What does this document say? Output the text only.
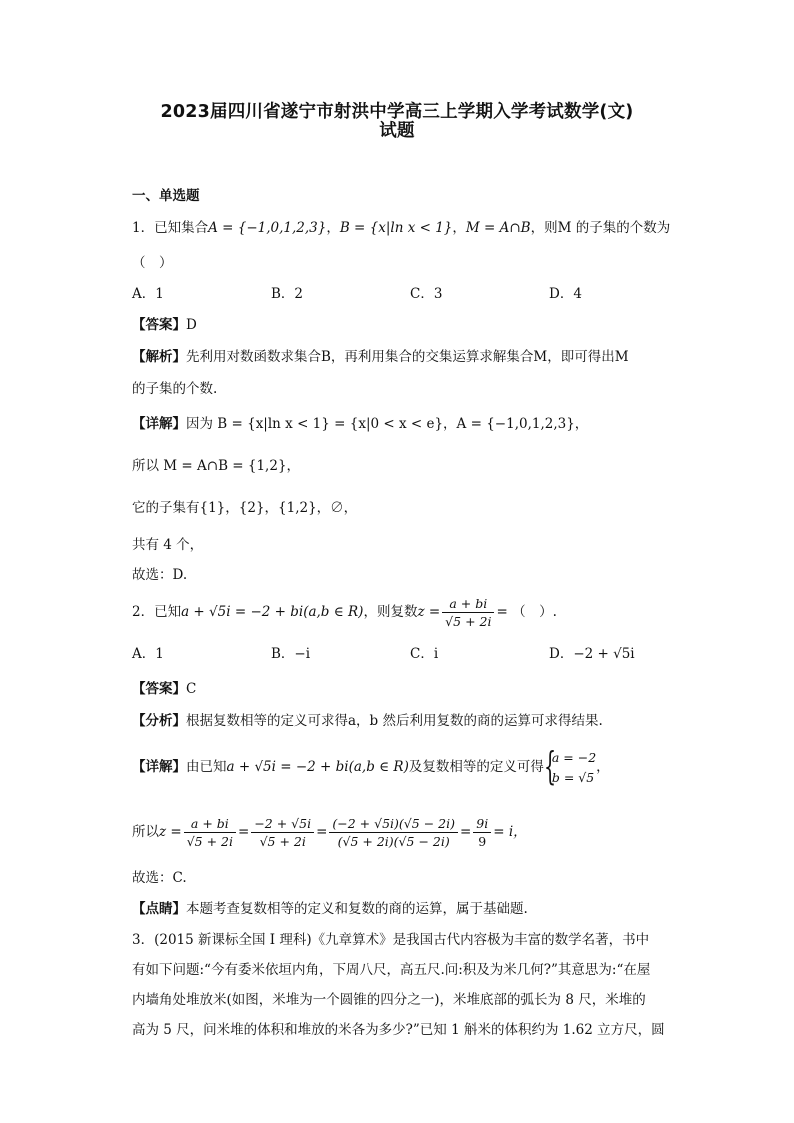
2023届四川省遂宁市射洪中学高三上学期入学考试数学(文)
试题
一、单选题
1．已知集合A = {−1,0,1,2,3}，B = {x|ln x < 1}，M = A∩B，则M 的子集的个数为
（　）
A．1	B．2	C．3	D．4
【答案】D
【解析】先利用对数函数求集合B，再利用集合的交集运算求解集合M，即可得出M
的子集的个数.
【详解】因为 B = {x|ln x < 1} = {x|0 < x < e}，A = {−1,0,1,2,3}，
所以 M = A∩B = {1,2}，
它的子集有{1}，{2}，{1,2}，∅，
共有 4 个，
故选：D.
2．已知a + √5i = −2 + bi(a,b ∈ R)，则复数$z = \frac{a + bi}{√5 + 2i}$ = （　）.
A．1	B．−i	C．i	D．−2 + √5i
【答案】C
【分析】根据复数相等的定义可求得a，b 然后利用复数的商的运算可求得结果.
【详解】由已知a + √5i = −2 + bi(a,b ∈ R)及复数相等的定义可得 {
a = −2
b = √5
，
所以$z = \frac{a + bi}{√5 + 2i} = \frac{-2 + √5i}{√5 + 2i} = \frac{(-2 + √5i)(√5 - 2i)}{(√5 + 2i)(√5 - 2i)} = \frac{9i}{9} = i$，
故选：C.
【点睛】本题考查复数相等的定义和复数的商的运算，属于基础题.
3．(2015 新课标全国 I 理科)《九章算术》是我国古代内容极为丰富的数学名著，书中
有如下问题:“今有委米依垣内角，下周八尺，高五尺.问:积及为米几何?”其意思为:“在屋
内墙角处堆放米(如图，米堆为一个圆锥的四分之一)，米堆底部的弧长为 8 尺，米堆的
高为 5 尺，问米堆的体积和堆放的米各为多少?”已知 1 斛米的体积约为 1.62 立方尺，圆
